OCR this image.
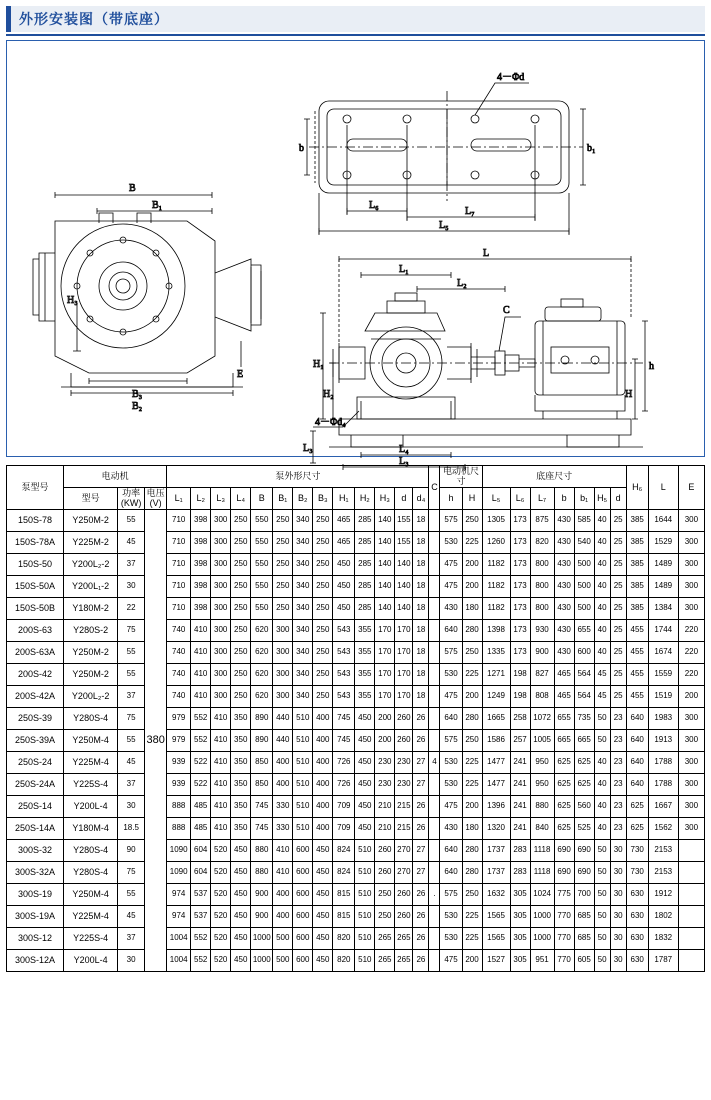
外形安装图（带底座）
B
B₁
H₃
B₃
B₂
E
4－Φd
b	b₁
L₆
L₇
L₅
C
L₁
L₂
L
H₁
H₂
4－Φd₄
h
H
L₃	L₄
L₃
泵型号	电动机			泵外形尺寸													C	电动机尺寸		底座尺寸							H₆	L	E
	型号	功率(KW)	电压(V)	L₁	L₂	L₃	L₄	B	B₁	B₂	B₃	H₁	H₂	H₃	d	d₄		h	H	L₅	L₆	L₇	b	b₁	H₅	d			
150S-78	Y250M-2	55	380	710	398	300	250	550	250	340	250	465	285	140	155	18		575	250	1305	173	875	430	585	40	25	385	1644	300
150S-78A	Y225M-2	45		710	398	300	250	550	250	340	250	465	285	140	155	18		530	225	1260	173	820	430	540	40	25	385	1529	300
150S-50	Y200L₂-2	37		710	398	300	250	550	250	340	250	450	285	140	140	18		475	200	1182	173	800	430	500	40	25	385	1489	300
150S-50A	Y200L₁-2	30		710	398	300	250	550	250	340	250	450	285	140	140	18		475	200	1182	173	800	430	500	40	25	385	1489	300
150S-50B	Y180M-2	22		710	398	300	250	550	250	340	250	450	285	140	140	18		430	180	1182	173	800	430	500	40	25	385	1384	300
200S-63	Y280S-2	75		740	410	300	250	620	300	340	250	543	355	170	170	18		640	280	1398	173	930	430	655	40	25	455	1744	220
200S-63A	Y250M-2	55		740	410	300	250	620	300	340	250	543	355	170	170	18		575	250	1335	173	900	430	600	40	25	455	1674	220
200S-42	Y250M-2	55		740	410	300	250	620	300	340	250	543	355	170	170	18		530	225	1271	198	827	465	564	45	25	455	1559	220
200S-42A	Y200L₂-2	37		740	410	300	250	620	300	340	250	543	355	170	170	18		475	200	1249	198	808	465	564	45	25	455	1519	200
250S-39	Y280S-4	75		979	552	410	350	890	440	510	400	745	450	200	260	26		640	280	1665	258	1072	655	735	50	23	640	1983	300
250S-39A	Y250M-4	55		979	552	410	350	890	440	510	400	745	450	200	260	26		575	250	1586	257	1005	665	665	50	23	640	1913	300
250S-24	Y225M-4	45		939	522	410	350	850	400	510	400	726	450	230	230	27	4	530	225	1477	241	950	625	625	40	23	640	1788	300
250S-24A	Y225S-4	37		939	522	410	350	850	400	510	400	726	450	230	230	27		530	225	1477	241	950	625	625	40	23	640	1788	300
250S-14	Y200L-4	30		888	485	410	350	745	330	510	400	709	450	210	215	26		475	200	1396	241	880	625	560	40	23	625	1667	300
250S-14A	Y180M-4	18.5		888	485	410	350	745	330	510	400	709	450	210	215	26		430	180	1320	241	840	625	525	40	23	625	1562	300
300S-32	Y280S-4	90		1090	604	520	450	880	410	600	450	824	510	260	270	27		640	280	1737	283	1118	690	690	50	30	730	2153	
300S-32A	Y280S-4	75		1090	604	520	450	880	410	600	450	824	510	260	270	27		640	280	1737	283	1118	690	690	50	30	730	2153	
300S-19	Y250M-4	55		974	537	520	450	900	400	600	450	815	510	250	260	26	.	575	250	1632	305	1024	775	700	50	30	630	1912	
300S-19A	Y225M-4	45		974	537	520	450	900	400	600	450	815	510	250	260	26		530	225	1565	305	1000	770	685	50	30	630	1802	
300S-12	Y225S-4	37		1004	552	520	450	1000	500	600	450	820	510	265	265	26		530	225	1565	305	1000	770	685	50	30	630	1832	
300S-12A	Y200L-4	30		1004	552	520	450	1000	500	600	450	820	510	265	265	26		475	200	1527	305	951	770	605	50	30	630	1787	
